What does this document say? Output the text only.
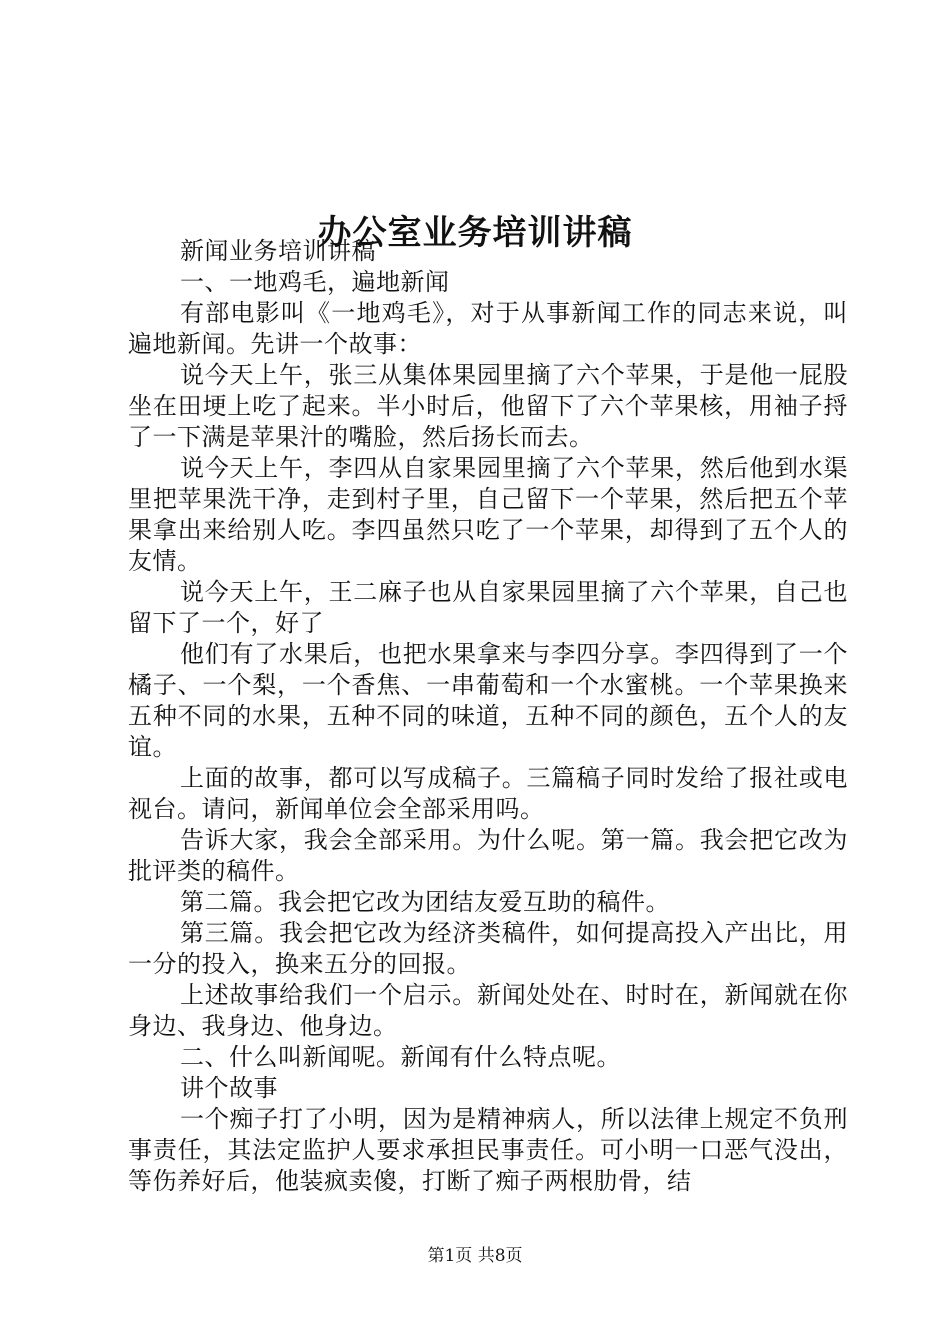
办公室业务培训讲稿

新闻业务培训讲稿

一、一地鸡毛，遍地新闻

有部电影叫《一地鸡毛》，对于从事新闻工作的同志来说，叫遍地新闻。先讲一个故事：

说今天上午，张三从集体果园里摘了六个苹果，于是他一屁股坐在田埂上吃了起来。半小时后，他留下了六个苹果核，用袖子捋了一下满是苹果汁的嘴脸，然后扬长而去。

说今天上午，李四从自家果园里摘了六个苹果，然后他到水渠里把苹果洗干净，走到村子里，自己留下一个苹果，然后把五个苹果拿出来给别人吃。李四虽然只吃了一个苹果，却得到了五个人的友情。

说今天上午，王二麻子也从自家果园里摘了六个苹果，自己也留下了一个，好了

他们有了水果后，也把水果拿来与李四分享。李四得到了一个橘子、一个梨，一个香焦、一串葡萄和一个水蜜桃。一个苹果换来五种不同的水果，五种不同的味道，五种不同的颜色，五个人的友谊。

上面的故事，都可以写成稿子。三篇稿子同时发给了报社或电视台。请问，新闻单位会全部采用吗。

告诉大家，我会全部采用。为什么呢。第一篇。我会把它改为批评类的稿件。

第二篇。我会把它改为团结友爱互助的稿件。

第三篇。我会把它改为经济类稿件，如何提高投入产出比，用一分的投入，换来五分的回报。

上述故事给我们一个启示。新闻处处在、时时在，新闻就在你身边、我身边、他身边。

二、什么叫新闻呢。新闻有什么特点呢。

讲个故事

一个痴子打了小明，因为是精神病人，所以法律上规定不负刑事责任，其法定监护人要求承担民事责任。可小明一口恶气没出，等伤养好后，他装疯卖傻，打断了痴子两根肋骨，结

第1页 共8页
